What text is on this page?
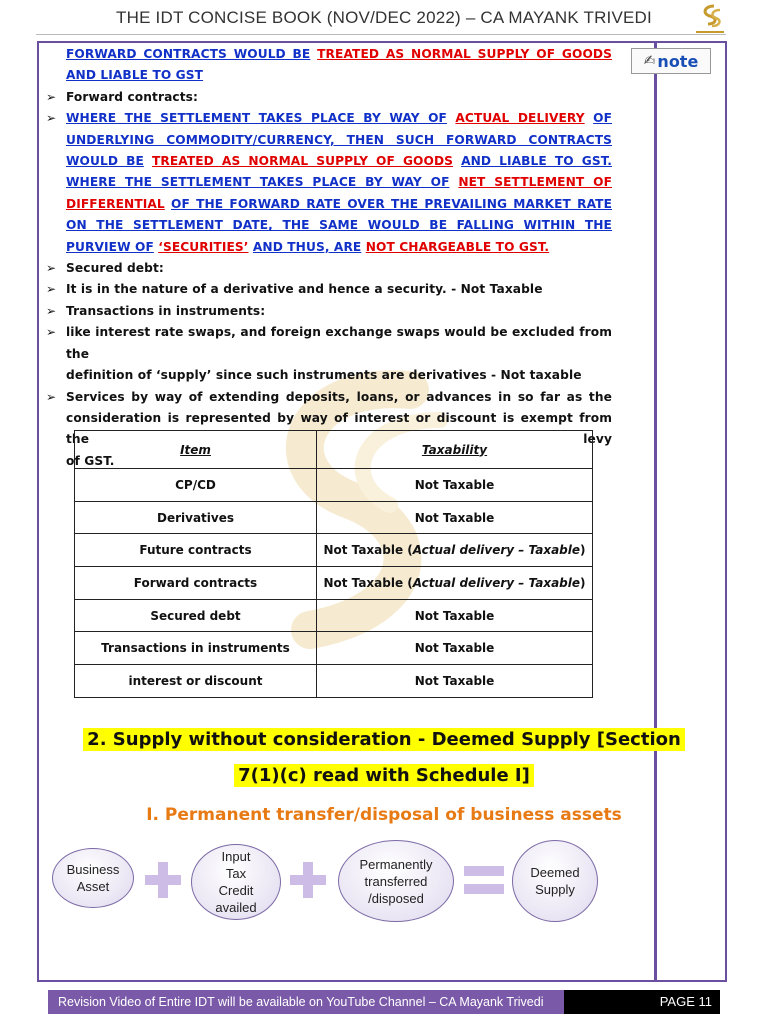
THE IDT CONCISE BOOK (NOV/DEC 2022) – CA MAYANK TRIVEDI
✍ note
FORWARD CONTRACTS WOULD BE TREATED AS NORMAL SUPPLY OF GOODS
AND LIABLE TO GST
➢ Forward contracts:
➢ WHERE THE SETTLEMENT TAKES PLACE BY WAY OF ACTUAL DELIVERY OF
UNDERLYING COMMODITY/CURRENCY, THEN SUCH FORWARD CONTRACTS
WOULD BE TREATED AS NORMAL SUPPLY OF GOODS AND LIABLE TO GST.
WHERE THE SETTLEMENT TAKES PLACE BY WAY OF NET SETTLEMENT OF
DIFFERENTIAL OF THE FORWARD RATE OVER THE PREVAILING MARKET RATE
ON THE SETTLEMENT DATE, THE SAME WOULD BE FALLING WITHIN THE
PURVIEW OF ‘SECURITIES’ AND THUS, ARE NOT CHARGEABLE TO GST.
➢ Secured debt:
➢ It is in the nature of a derivative and hence a security. - Not Taxable
➢ Transactions in instruments:
➢ like interest rate swaps, and foreign exchange swaps would be excluded from the
definition of ‘supply’ since such instruments are derivatives - Not taxable
➢ Services by way of extending deposits, loans, or advances in so far as the
consideration is represented by way of interest or discount is exempt from the levy
of GST.
Item	Taxability
CP/CD	Not Taxable
Derivatives	Not Taxable
Future contracts	Not Taxable (Actual delivery – Taxable)
Forward contracts	Not Taxable (Actual delivery – Taxable)
Secured debt	Not Taxable
Transactions in instruments	Not Taxable
interest or discount	Not Taxable
2. Supply without consideration - Deemed Supply [Section
7(1)(c) read with Schedule I]
I. Permanent transfer/disposal of business assets
Business Asset
Input
Tax
Credit
availed
Permanently
transferred
/disposed
Deemed
Supply
Revision Video of Entire IDT will be available on YouTube Channel – CA Mayank Trivedi	PAGE 11
